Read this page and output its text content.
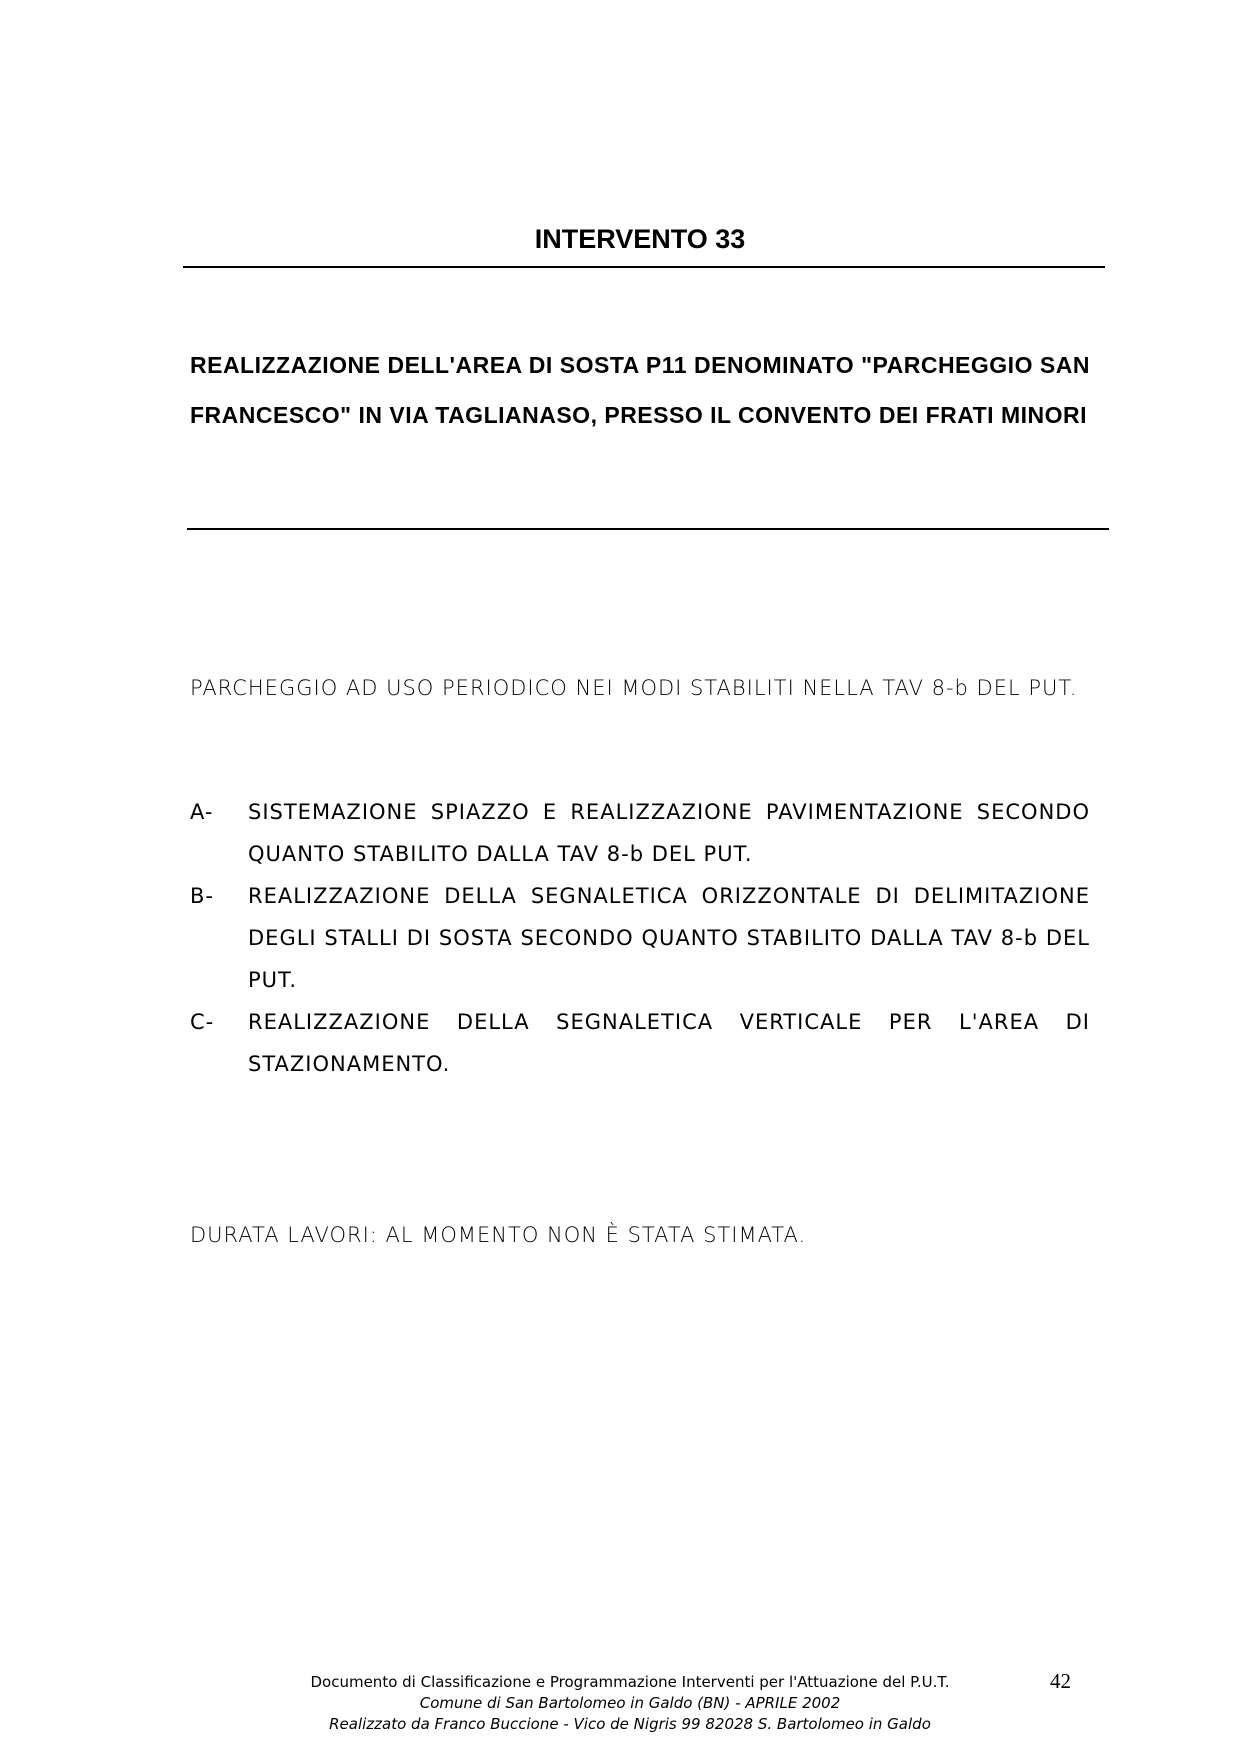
INTERVENTO 33
REALIZZAZIONE DELL'AREA DI SOSTA P11 DENOMINATO "PARCHEGGIO SAN FRANCESCO" IN VIA TAGLIANASO, PRESSO IL CONVENTO DEI FRATI MINORI
PARCHEGGIO AD USO PERIODICO NEI MODI STABILITI NELLA TAV 8-b DEL PUT.
A-	SISTEMAZIONE SPIAZZO E REALIZZAZIONE PAVIMENTAZIONE SECONDO QUANTO STABILITO DALLA TAV 8-b DEL PUT.
B-	REALIZZAZIONE DELLA SEGNALETICA ORIZZONTALE DI DELIMITAZIONE DEGLI STALLI DI SOSTA SECONDO QUANTO STABILITO DALLA TAV 8-b DEL PUT.
C-	REALIZZAZIONE DELLA SEGNALETICA VERTICALE PER L'AREA DI STAZIONAMENTO.
DURATA LAVORI: AL MOMENTO NON È STATA STIMATA.
Documento di Classificazione e Programmazione Interventi per l'Attuazione del P.U.T.
Comune di San Bartolomeo in Galdo (BN) - APRILE 2002
Realizzato da Franco Buccione - Vico de Nigris 99 82028 S. Bartolomeo in Galdo
42
